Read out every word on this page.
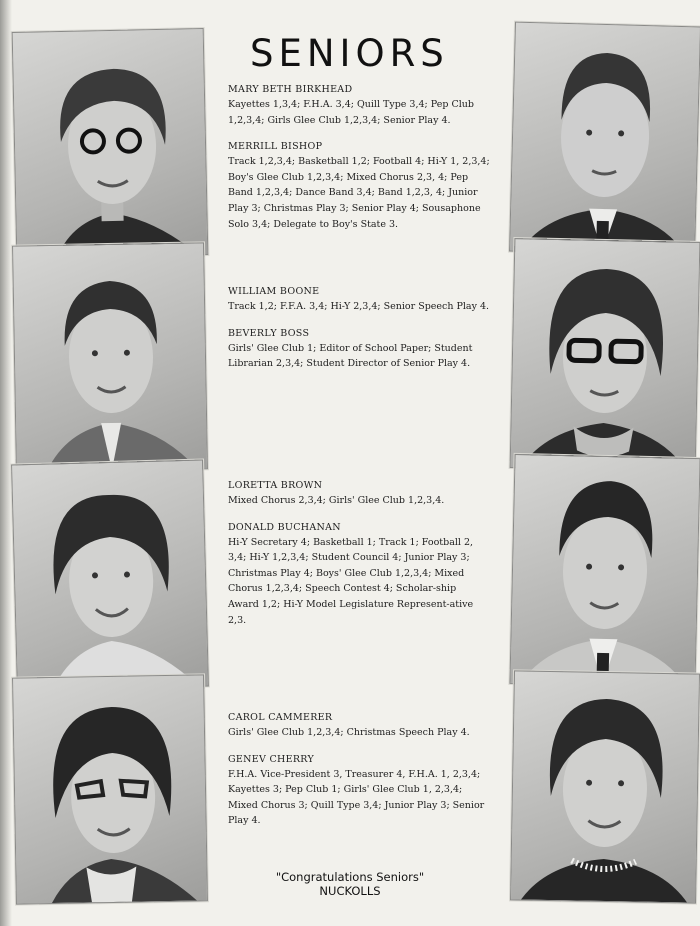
SENIORS

MARY BETH BIRKHEAD

Kayettes 1,3,4; F.H.A. 3,4; Quill Type 3,4; Pep Club 1,2,3,4; Girls Glee Club 1,2,3,4; Senior Play 4.

MERRILL BISHOP

Track 1,2,3,4; Basketball 1,2; Football 4; Hi-Y 1, 2,3,4; Boy's Glee Club 1,2,3,4; Mixed Chorus 2,3, 4; Pep Band 1,2,3,4; Dance Band 3,4; Band 1,2,3, 4; Junior Play 3; Christmas Play 3; Senior Play 4; Sousaphone Solo 3,4; Delegate to Boy's State 3.

WILLIAM BOONE

Track 1,2; F.F.A. 3,4; Hi-Y 2,3,4; Senior Speech Play 4.

BEVERLY BOSS

Girls' Glee Club 1; Editor of School Paper; Student Librarian 2,3,4; Student Director of Senior Play 4.

LORETTA BROWN

Mixed Chorus 2,3,4; Girls' Glee Club 1,2,3,4.

DONALD BUCHANAN

Hi-Y Secretary 4; Basketball 1; Track 1; Football 2, 3,4; Hi-Y 1,2,3,4; Student Council 4; Junior Play 3; Christmas Play 4; Boys' Glee Club 1,2,3,4; Mixed Chorus 1,2,3,4; Speech Contest 4; Scholar-ship Award 1,2; Hi-Y Model Legislature Represent-ative 2,3.

CAROL CAMMERER

Girls' Glee Club 1,2,3,4; Christmas Speech Play 4.

GENEV CHERRY

F.H.A. Vice-President 3, Treasurer 4, F.H.A. 1, 2,3,4; Kayettes 3; Pep Club 1; Girls' Glee Club 1, 2,3,4; Mixed Chorus 3; Quill Type 3,4; Junior Play 3; Senior Play 4.

"Congratulations Seniors"
NUCKOLLS
